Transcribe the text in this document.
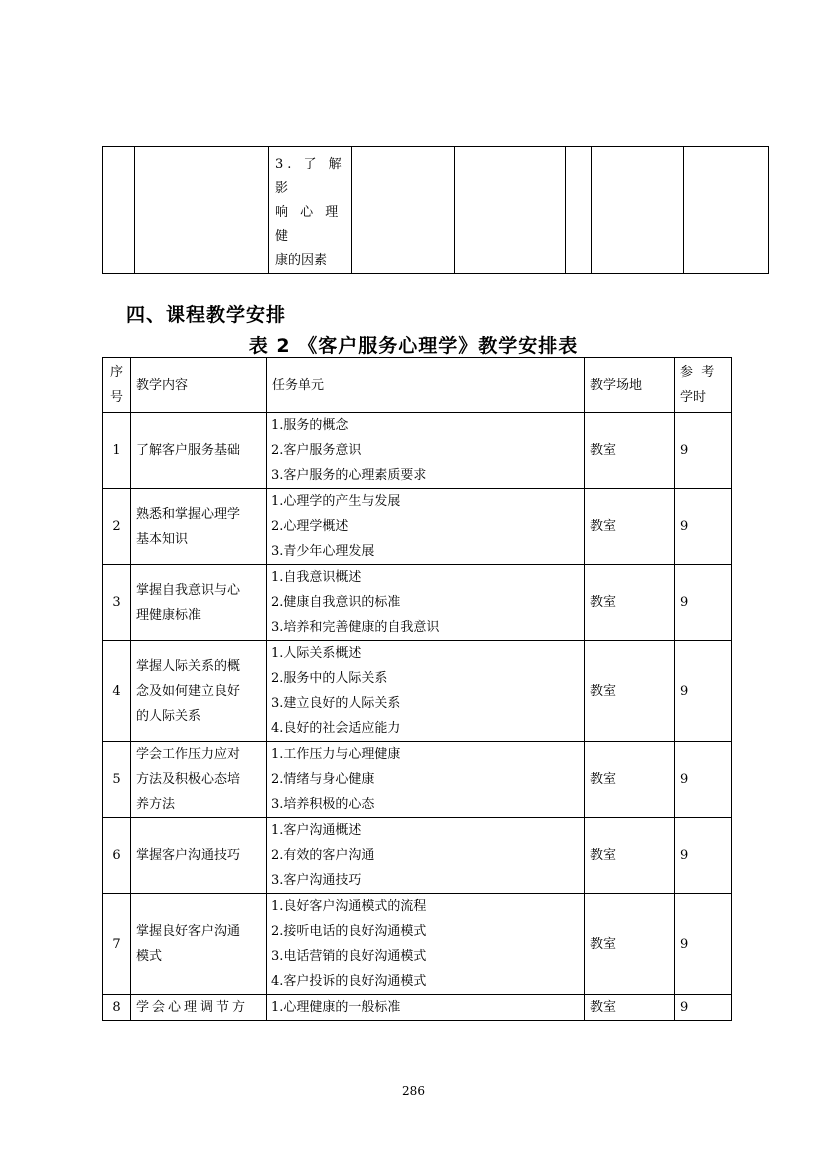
3. 了 解 影
响 心 理 健
康的因素

四、课程教学安排
表 2 《客户服务心理学》教学安排表
序
号	教学内容	任务单元	教学场地	参  考
学时

1	了解客户服务基础	1.服务的概念
2.客户服务意识
3.客户服务的心理素质要求	教室	9
2	熟悉和掌握心理学
基本知识	1.心理学的产生与发展
2.心理学概述
3.青少年心理发展	教室	9
3	掌握自我意识与心
理健康标准	1.自我意识概述
2.健康自我意识的标准
3.培养和完善健康的自我意识	教室	9
4	掌握人际关系的概
念及如何建立良好
的人际关系	1.人际关系概述
2.服务中的人际关系
3.建立良好的人际关系
4.良好的社会适应能力	教室	9
5	学会工作压力应对
方法及积极心态培
养方法	1.工作压力与心理健康
2.情绪与身心健康
3.培养积极的心态	教室	9
6	掌握客户沟通技巧	1.客户沟通概述
2.有效的客户沟通
3.客户沟通技巧	教室	9
7	掌握良好客户沟通
模式	1.良好客户沟通模式的流程
2.接听电话的良好沟通模式
3.电话营销的良好沟通模式
4.客户投诉的良好沟通模式	教室	9
8	学会心理调节方	1.心理健康的一般标准	教室	9
286
